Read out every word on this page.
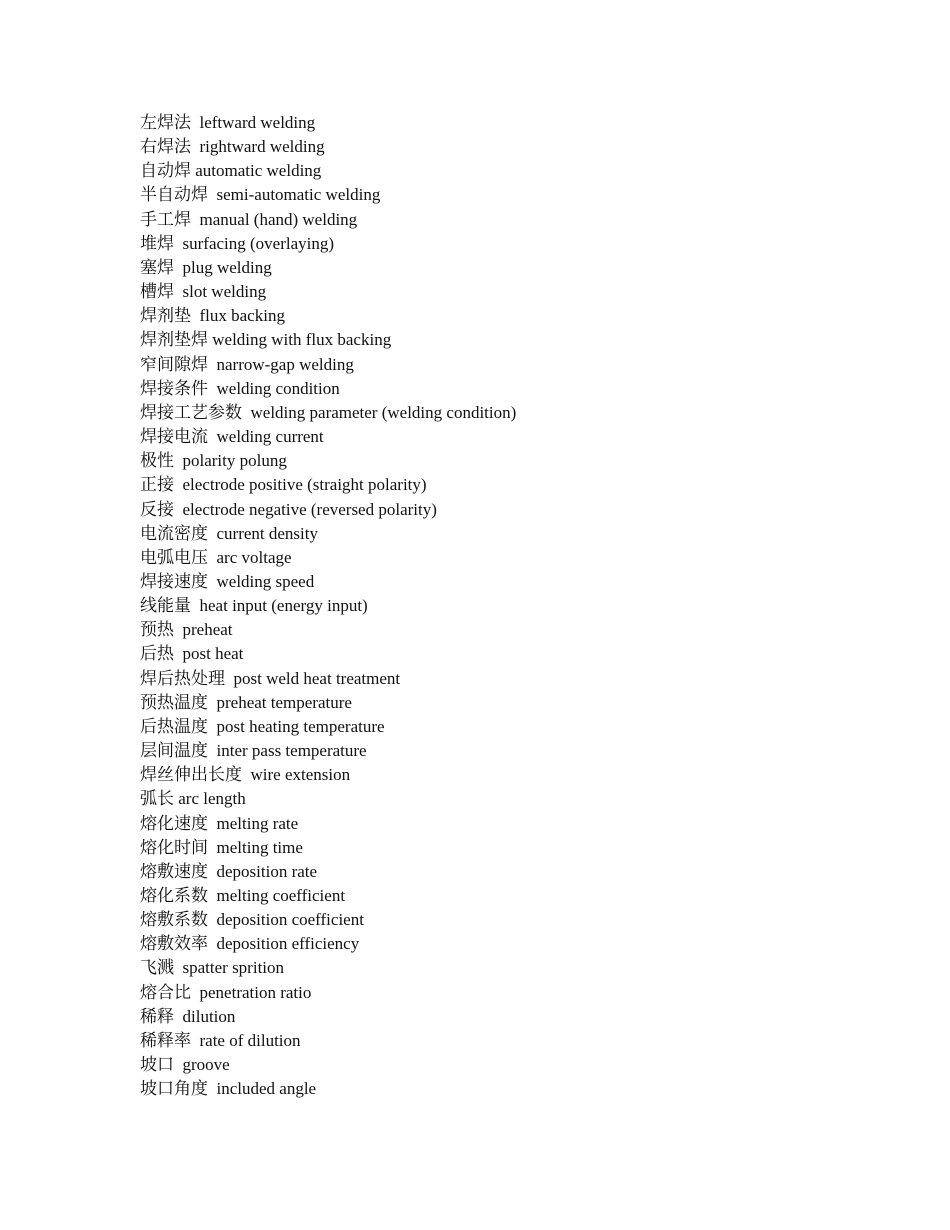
左焊法  leftward welding
右焊法  rightward welding
自动焊 automatic welding
半自动焊  semi-automatic welding
手工焊  manual (hand) welding
堆焊  surfacing (overlaying)
塞焊  plug welding
槽焊  slot welding
焊剂垫  flux backing
焊剂垫焊 welding with flux backing
窄间隙焊  narrow-gap welding
焊接条件  welding condition
焊接工艺参数  welding parameter (welding condition)
焊接电流  welding current
极性  polarity polung
正接  electrode positive (straight polarity)
反接  electrode negative (reversed polarity)
电流密度  current density
电弧电压  arc voltage
焊接速度  welding speed
线能量  heat input (energy input)
预热  preheat
后热  post heat
焊后热处理  post weld heat treatment
预热温度  preheat temperature
后热温度  post heating temperature
层间温度  inter pass temperature
焊丝伸出长度  wire extension
弧长 arc length
熔化速度  melting rate
熔化时间  melting time
熔敷速度  deposition rate
熔化系数  melting coefficient
熔敷系数  deposition coefficient
熔敷效率  deposition efficiency
飞溅  spatter sprition
熔合比  penetration ratio
稀释  dilution
稀释率  rate of dilution
坡口  groove
坡口角度  included angle
